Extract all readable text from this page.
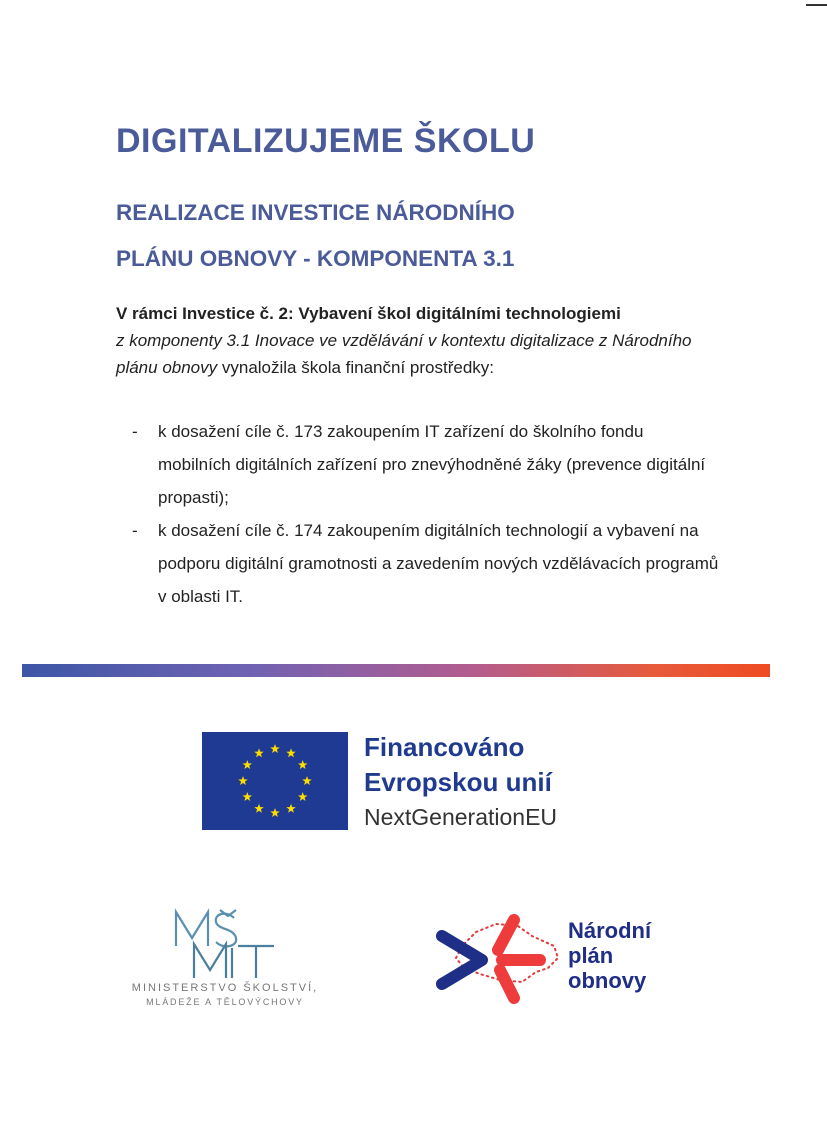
DIGITALIZUJEME ŠKOLU
REALIZACE INVESTICE NÁRODNÍHO
PLÁNU OBNOVY - KOMPONENTA 3.1

V rámci Investice č. 2: Vybavení škol digitálními technologiemi
z komponenty 3.1 Inovace ve vzdělávání v kontextu digitalizace z Národního plánu obnovy vynaložila škola finanční prostředky:

- k dosažení cíle č. 173 zakoupením IT zařízení do školního fondu mobilních digitálních zařízení pro znevýhodněné žáky (prevence digitální propasti);
- k dosažení cíle č. 174 zakoupením digitálních technologií a vybavení na podporu digitální gramotnosti a zavedením nových vzdělávacích programů v oblasti IT.
Financováno
Evropskou unií
NextGenerationEU
MINISTERSTVO ŠKOLSTVÍ,
MLÁDEŽE A TĚLOVÝCHOVY
Národní
plán
obnovy
